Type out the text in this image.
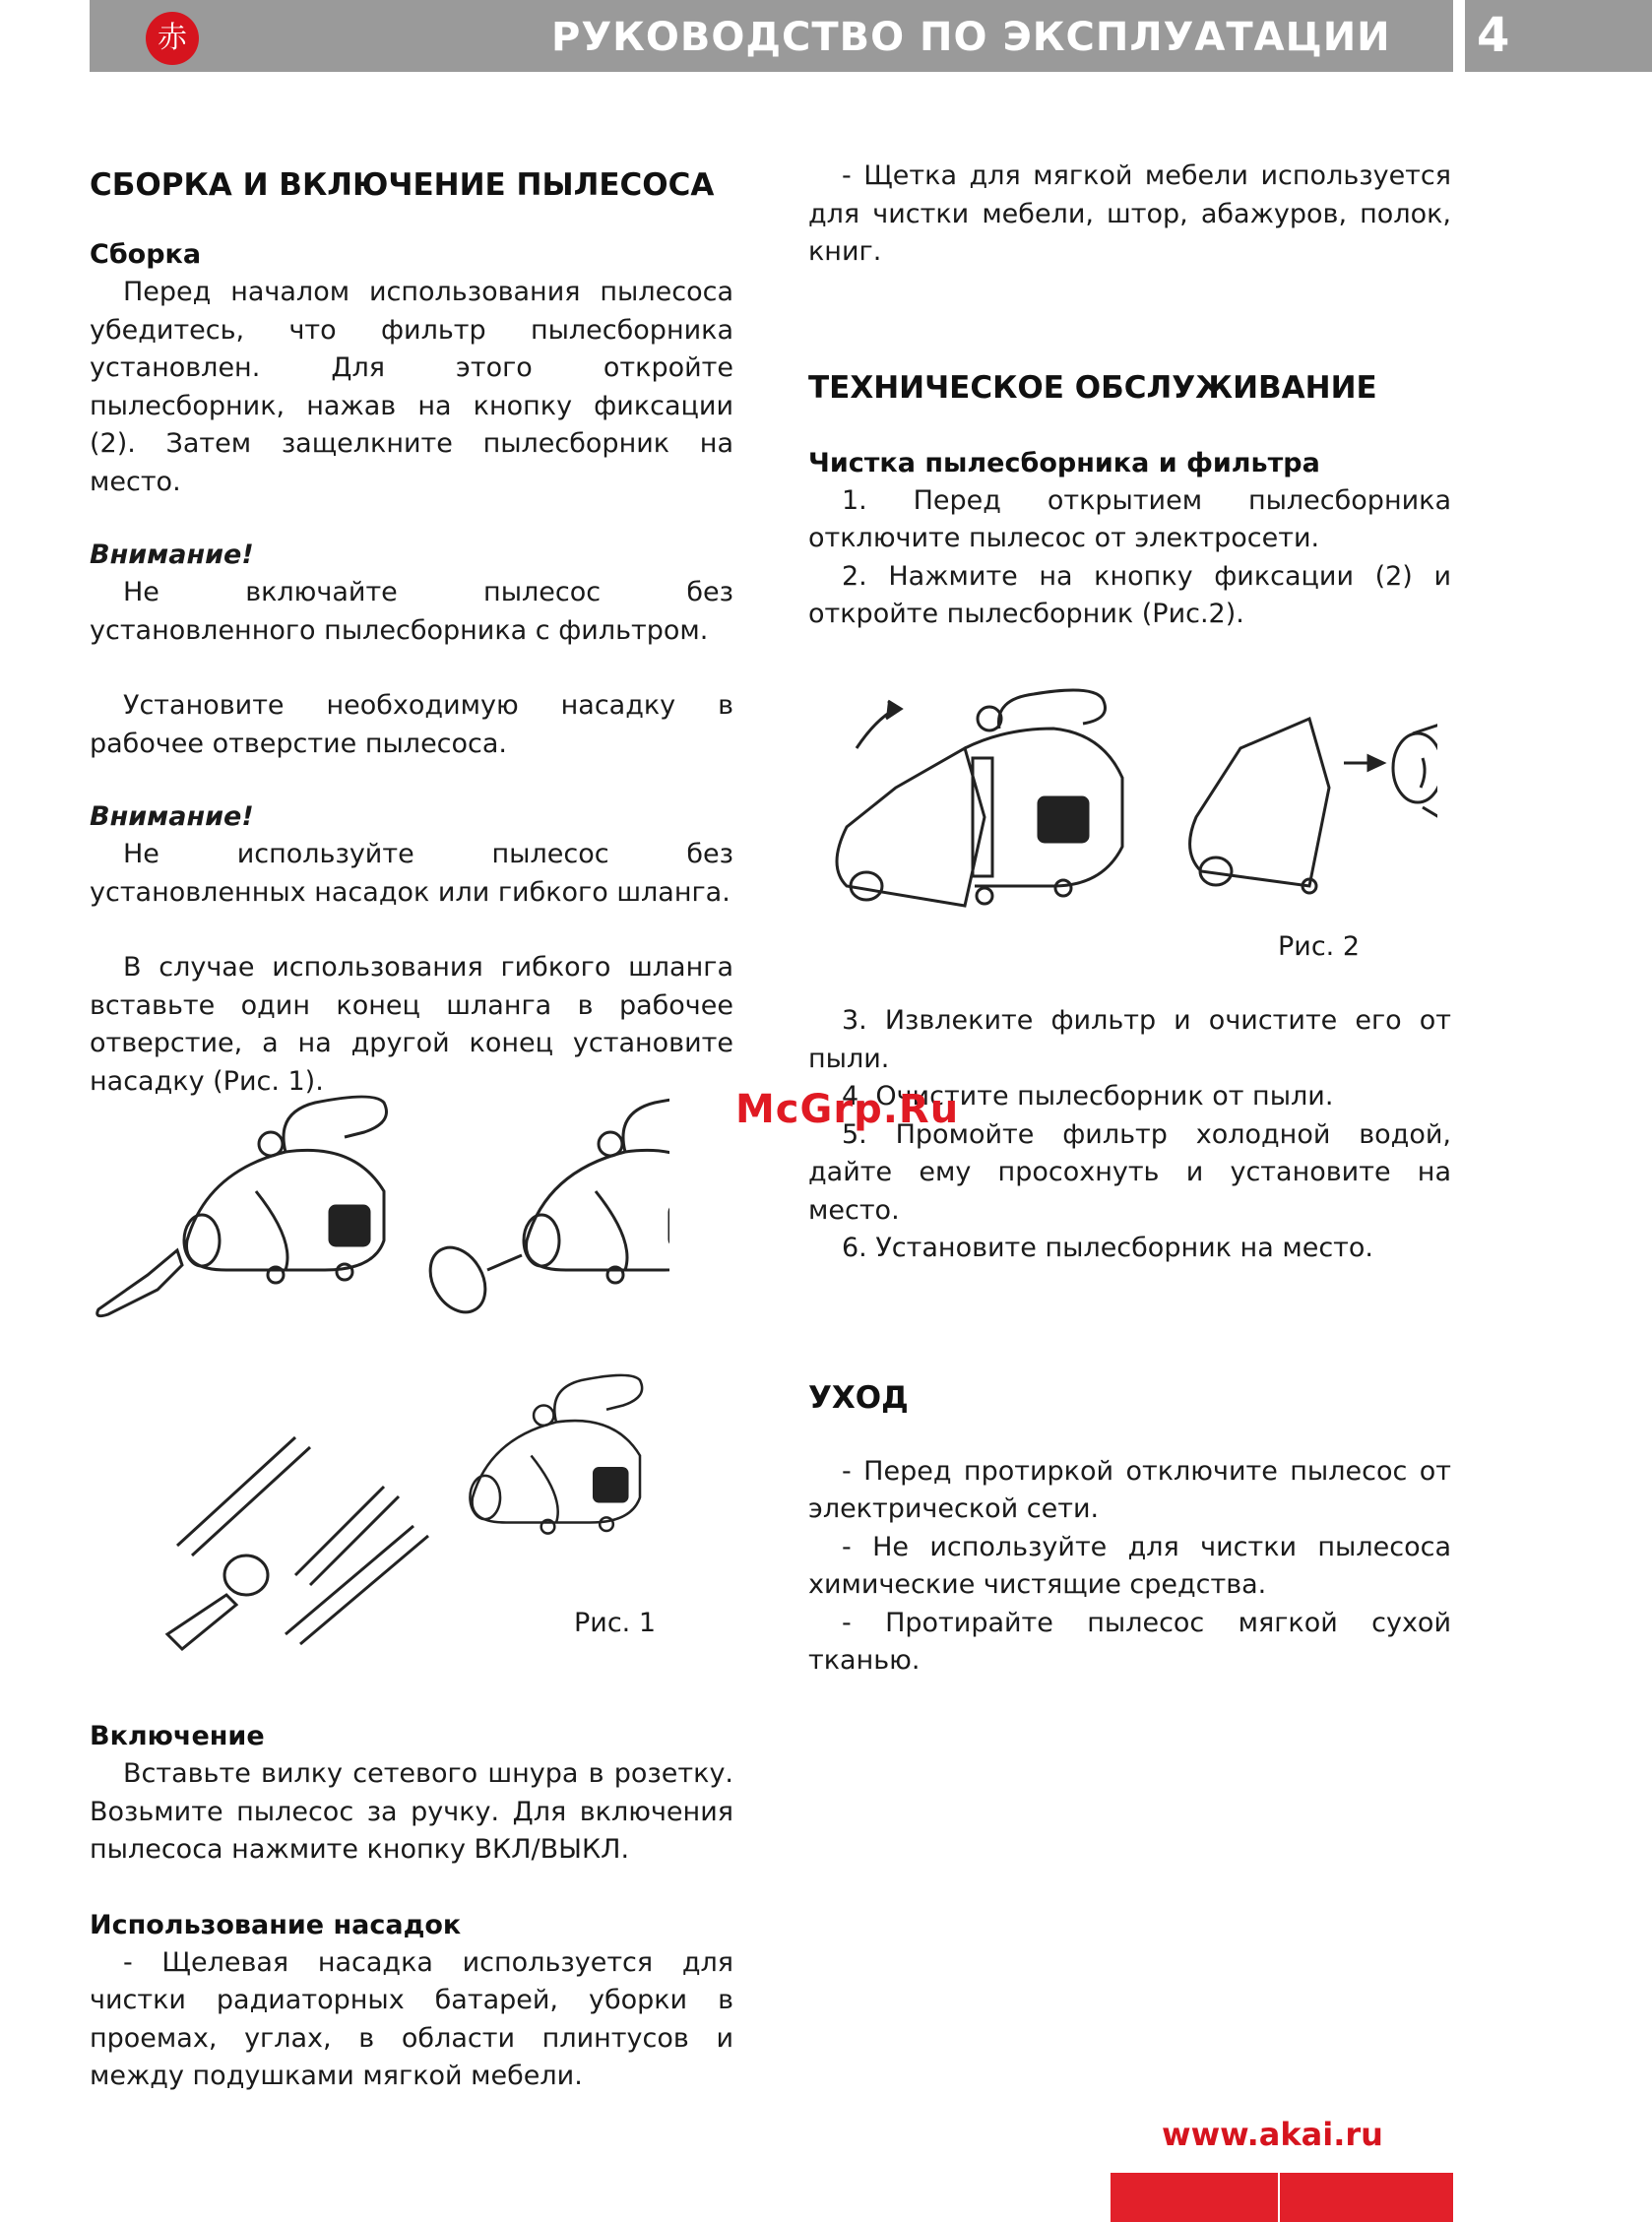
赤	РУКОВОДСТВО ПО ЭКСПЛУАТАЦИИ	4
СБОРКА И ВКЛЮЧЕНИЕ ПЫЛЕСОСА
Сборка

Перед началом использования пылесоса убедитесь, что фильтр пылесборника установлен. Для этого откройте пылесборник, нажав на кнопку фиксации (2). Затем защелкните пылесборник на место.

Внимание!

Не включайте пылесос без установленного пылесборника с фильтром.

Установите необходимую насадку в рабочее отверстие пылесоса.

Внимание!

Не используйте пылесос без установленных насадок или гибкого шланга.

В случае использования гибкого шланга вставьте один конец шланга в рабочее отверстие, а на другой конец установите насадку (Рис. 1).

Рис. 1
Включение

Вставьте вилку сетевого шнура в розетку. Возьмите пылесос за ручку. Для включения пылесоса нажмите кнопку ВКЛ/ВЫКЛ.

Использование насадок

- Щелевая насадка используется для чистки радиаторных батарей, уборки в проемах, углах, в области плинтусов и между подушками мягкой мебели.

- Щетка для мягкой мебели используется для чистки мебели, штор, абажуров, полок, книг.

ТЕХНИЧЕСКОЕ ОБСЛУЖИВАНИЕ
Чистка пылесборника и фильтра

1. Перед открытием пылесборника отключите пылесос от электросети.

2. Нажмите на кнопку фиксации (2) и откройте пылесборник (Рис.2).

Рис. 2

3. Извлеките фильтр и очистите его от пыли.

4. Очистите пылесборник от пыли.

5. Промойте фильтр холодной водой, дайте ему просохнуть и установите на место.

6. Установите пылесборник на место.

УХОД

- Перед протиркой отключите пылесос от электрической сети.

- Не используйте для чистки пылесоса химические чистящие средства.

- Протирайте пылесос мягкой сухой тканью.

McGrp.Ru
www.akai.ru
